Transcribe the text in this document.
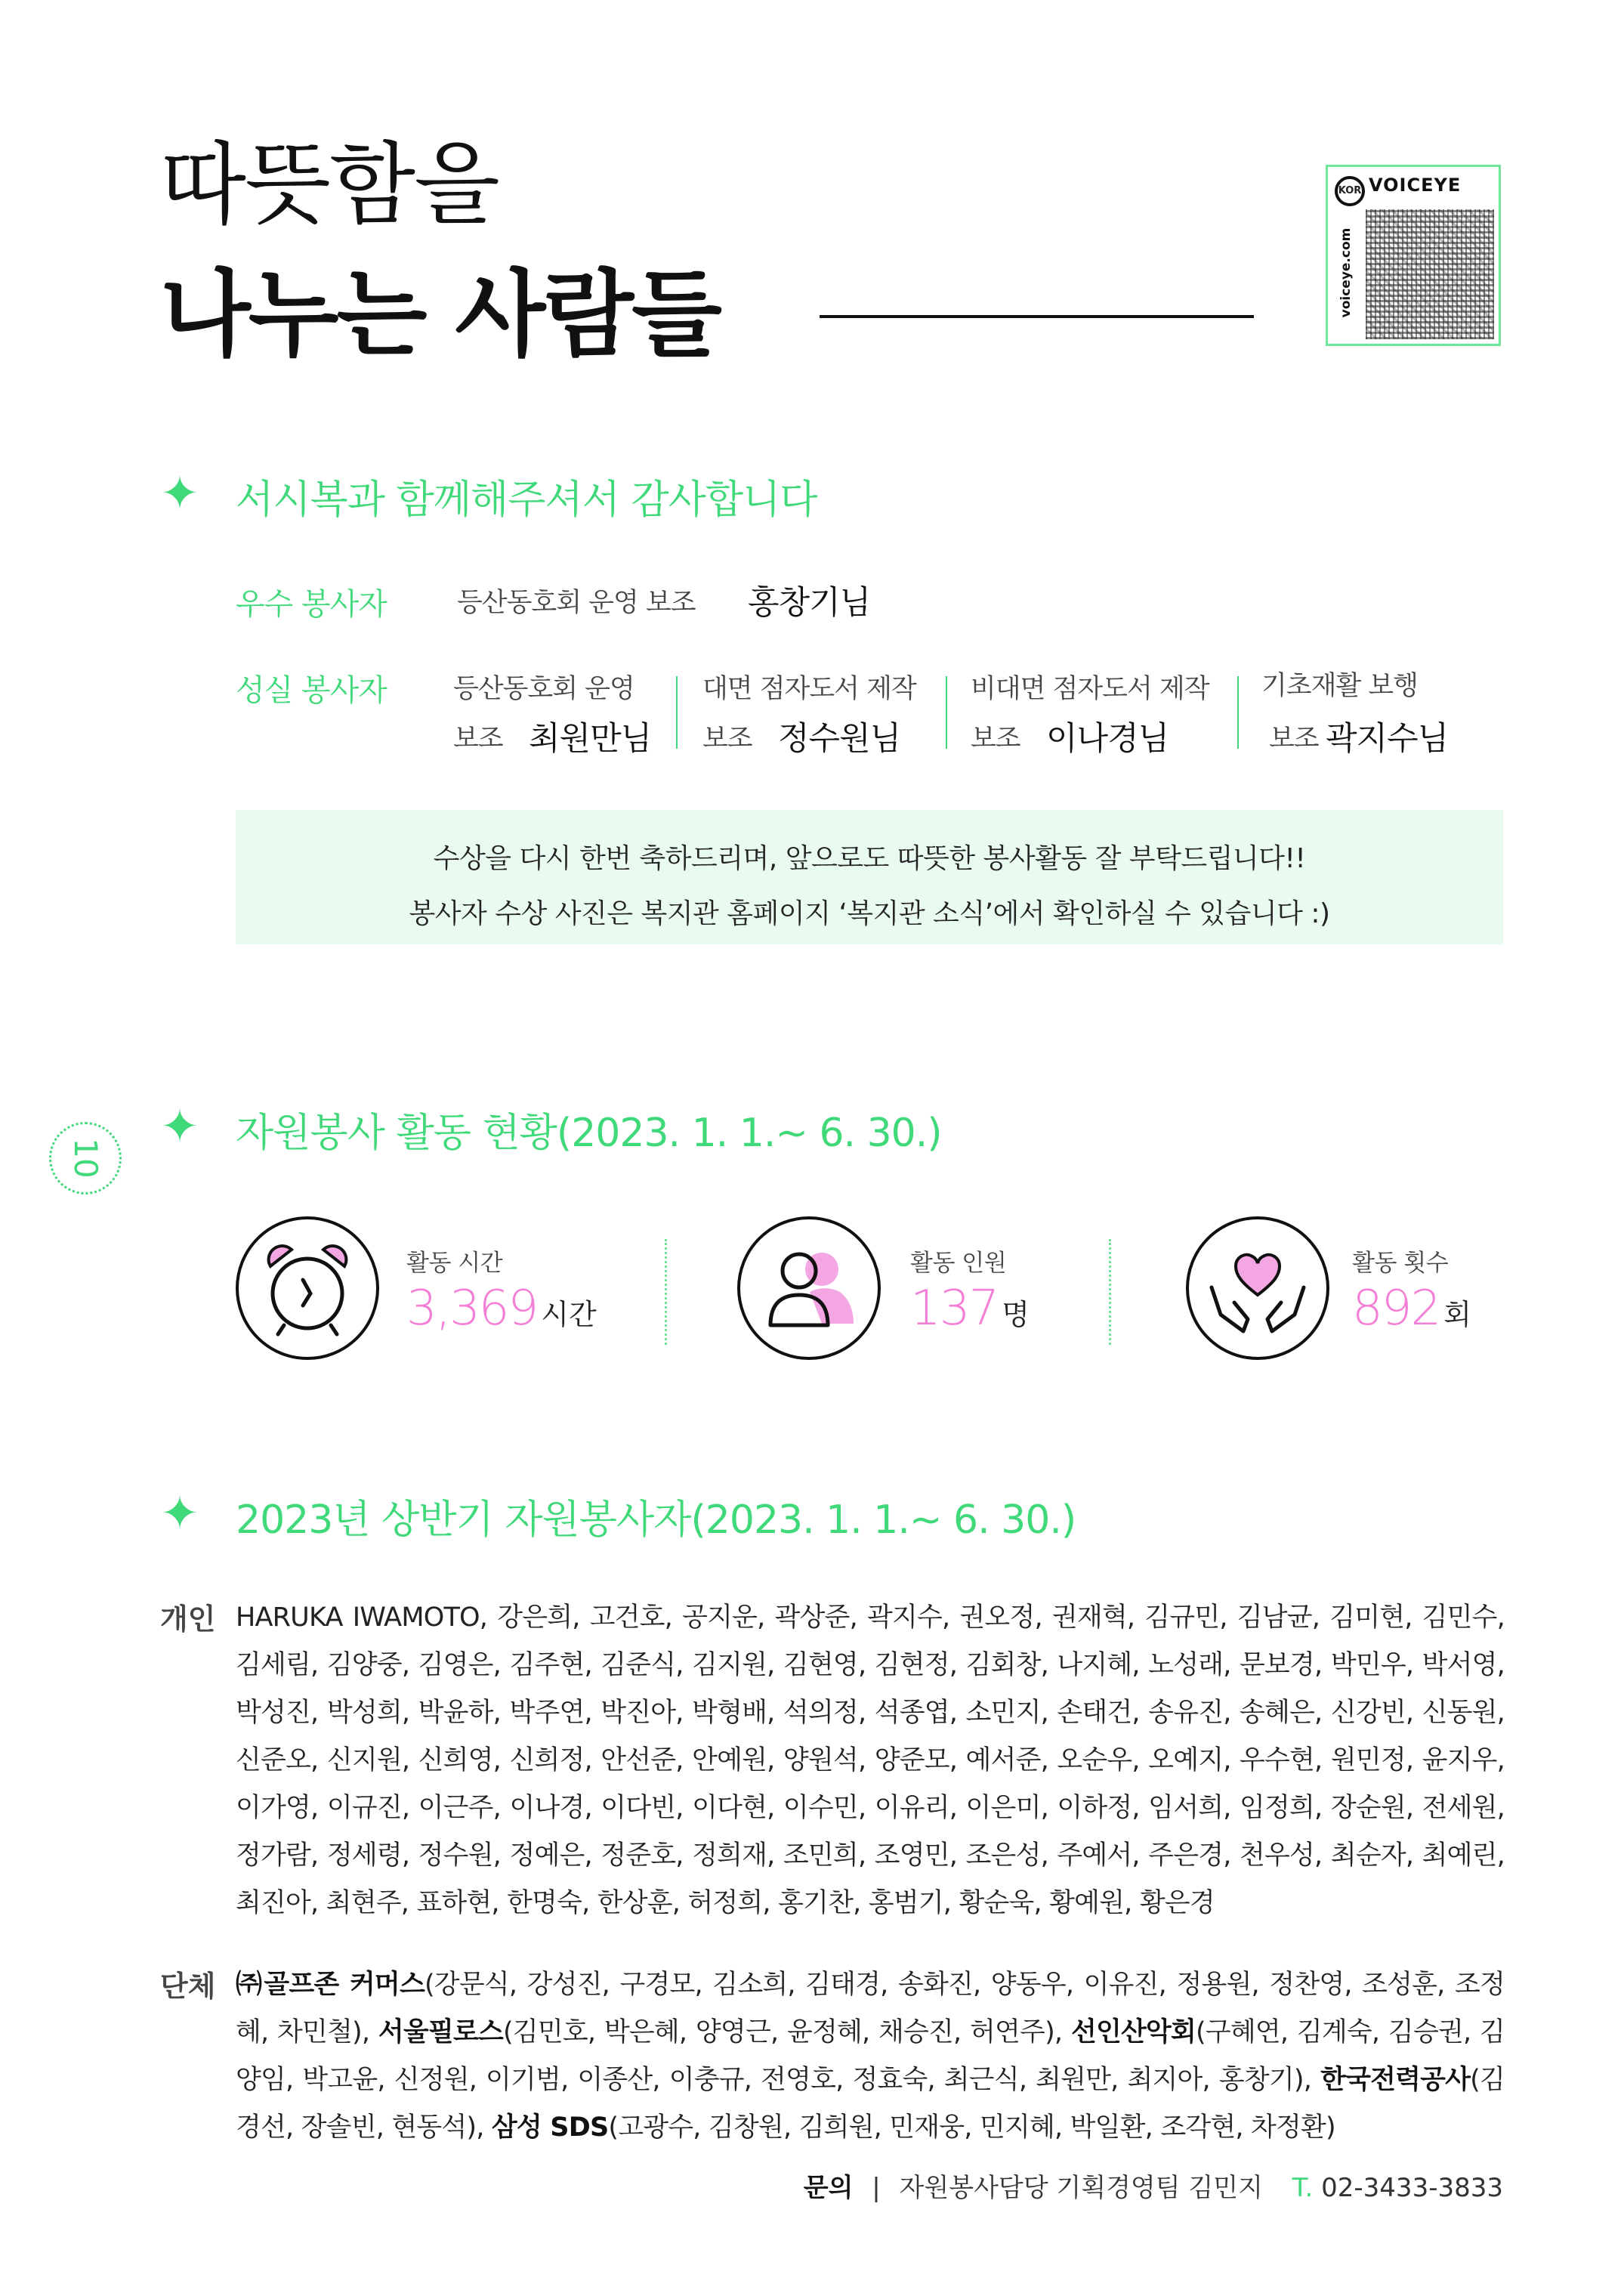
따뜻함을
나누는 사람들
KOR VOICEYE
voiceye.com
✦ 서시복과 함께해주셔서 감사합니다
우수 봉사자	등산동호회 운영 보조 홍창기님
성실 봉사자	등산동호회 운영
보조 최원만님
대면 점자도서 제작
보조 정수원님
비대면 점자도서 제작
보조 이나경님
기초재활 보행
보조 곽지수님

수상을 다시 한번 축하드리며, 앞으로도 따뜻한 봉사활동 잘 부탁드립니다!!

봉사자 수상 사진은 복지관 홈페이지 ‘복지관 소식’에서 확인하실 수 있습니다 :)

10
✦ 자원봉사 활동 현황(2023. 1. 1.~ 6. 30.)
활동 시간
3,369 시간
활동 인원
137 명
활동 횟수
892 회
✦ 2023년 상반기 자원봉사자(2023. 1. 1.~ 6. 30.)
개인 HARUKA IWAMOTO, 강은희, 고건호, 공지운, 곽상준, 곽지수, 권오정, 권재혁, 김규민, 김남균, 김미현, 김민수, 김세림, 김양중, 김영은, 김주현, 김준식, 김지원, 김현영, 김현정, 김회창, 나지혜, 노성래, 문보경, 박민우, 박서영, 박성진, 박성희, 박윤하, 박주연, 박진아, 박형배, 석의정, 석종엽, 소민지, 손태건, 송유진, 송혜은, 신강빈, 신동원, 신준오, 신지원, 신희영, 신희정, 안선준, 안예원, 양원석, 양준모, 예서준, 오순우, 오예지, 우수현, 원민정, 윤지우, 이가영, 이규진, 이근주, 이나경, 이다빈, 이다현, 이수민, 이유리, 이은미, 이하정, 임서희, 임정희, 장순원, 전세원, 정가람, 정세령, 정수원, 정예은, 정준호, 정희재, 조민희, 조영민, 조은성, 주예서, 주은경, 천우성, 최순자, 최예린, 최진아, 최현주, 표하현, 한명숙, 한상훈, 허정희, 홍기찬, 홍범기, 황순욱, 황예원, 황은경

단체 ㈜골프존 커머스(강문식, 강성진, 구경모, 김소희, 김태경, 송화진, 양동우, 이유진, 정용원, 정찬영, 조성훈, 조정혜, 차민철), 서울필로스(김민호, 박은혜, 양영근, 윤정혜, 채승진, 허연주), 선인산악회(구혜연, 김계숙, 김승권, 김양임, 박고윤, 신정원, 이기범, 이종산, 이충규, 전영호, 정효숙, 최근식, 최원만, 최지아, 홍창기), 한국전력공사(김경선, 장솔빈, 현동석), 삼성 SDS(고광수, 김창원, 김희원, 민재웅, 민지혜, 박일환, 조각현, 차정환)

문의 | 자원봉사담당 기획경영팀 김민지 T. 02-3433-3833
